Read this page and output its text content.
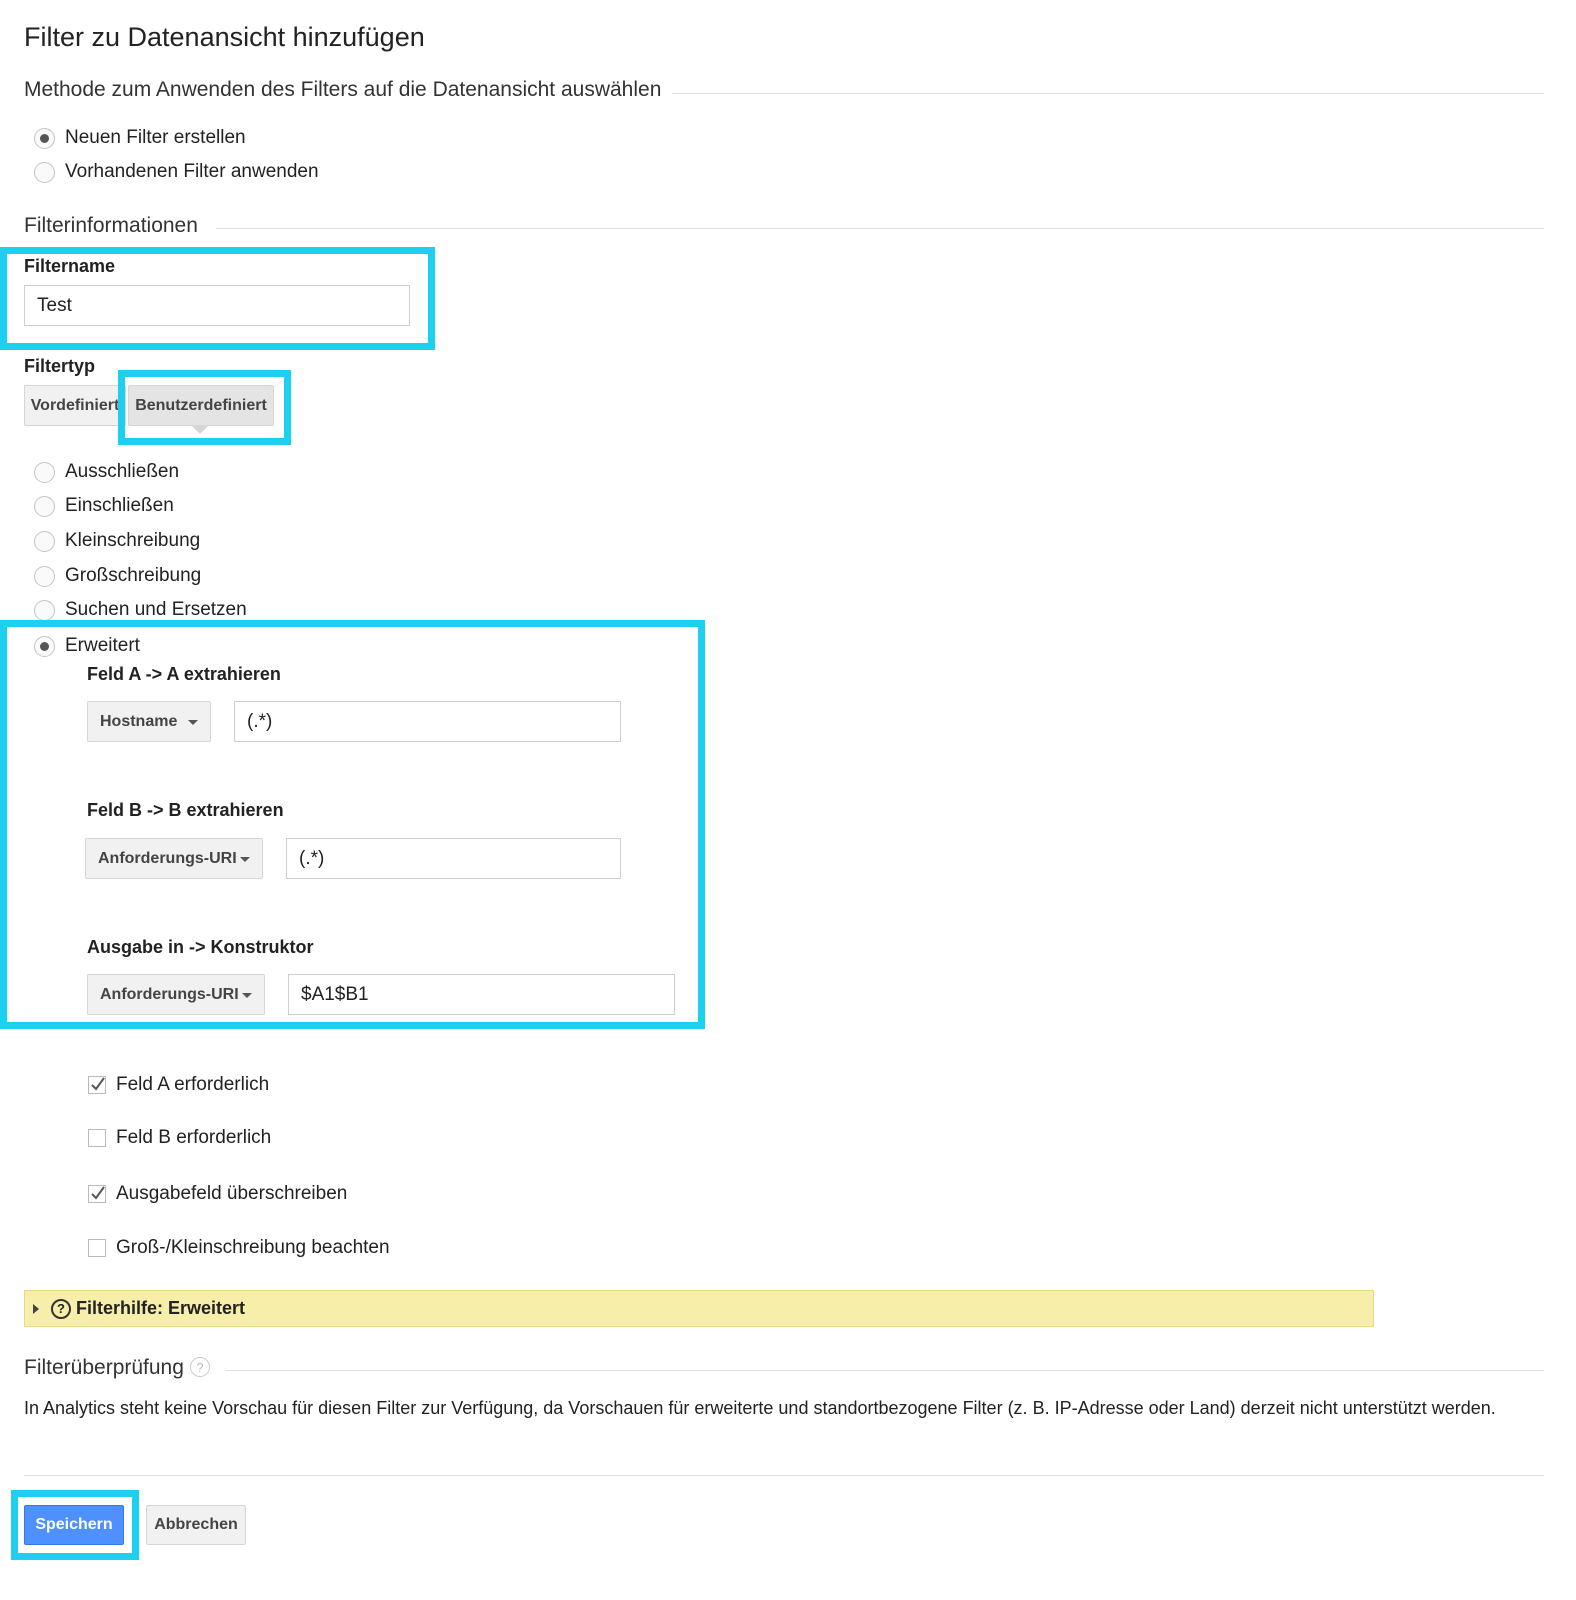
Filter zu Datenansicht hinzufügen
Methode zum Anwenden des Filters auf die Datenansicht auswählen
Neuen Filter erstellen
Vorhandenen Filter anwenden
Filterinformationen
Filtername
Test
Filtertyp
Vordefiniert Benutzerdefiniert
Ausschließen
Einschließen
Kleinschreibung
Großschreibung
Suchen und Ersetzen
Erweitert
Feld A -> A extrahieren
Hostname	(.*)
Feld B -> B extrahieren
Anforderungs-URI	(.*)
Ausgabe in -> Konstruktor
Anforderungs-URI	$A1$B1
Feld A erforderlich
Feld B erforderlich
Ausgabefeld überschreiben
Groß-/Kleinschreibung beachten
? Filterhilfe: Erweitert
Filterüberprüfung ?
In Analytics steht keine Vorschau für diesen Filter zur Verfügung, da Vorschauen für erweiterte und standortbezogene Filter (z. B. IP-Adresse oder Land) derzeit nicht unterstützt werden.
Speichern	Abbrechen
